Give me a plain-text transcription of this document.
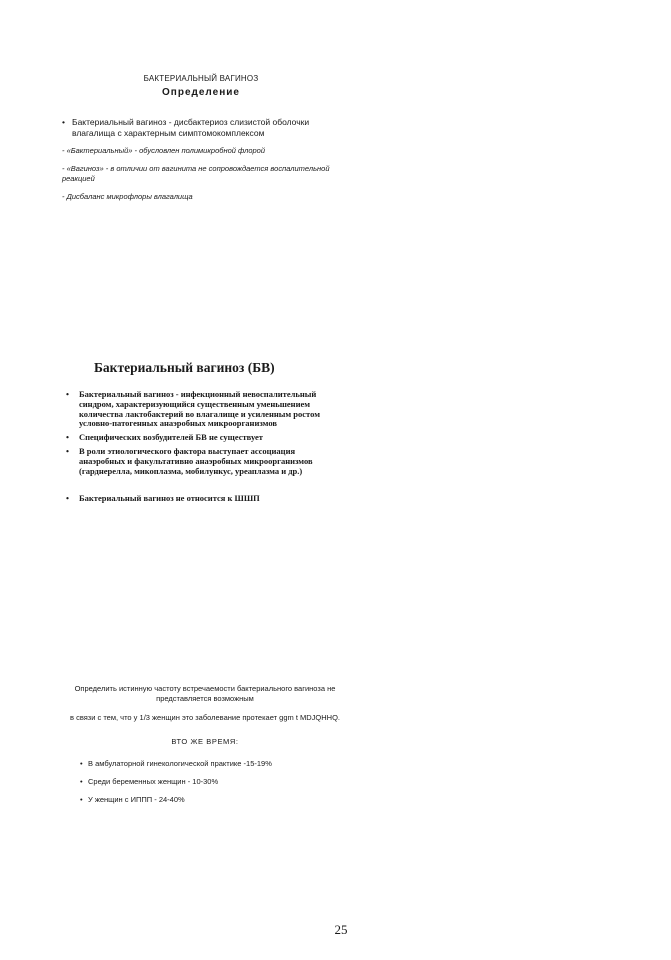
БАКТЕРИАЛЬНЫЙ ВАГИНОЗ
Определение
• Бактериальный вагиноз - дисбактериоз слизистой оболочки влагалища с характерным симптомокомплексом
- «Бактериальный» - обусловлен полимикробной флорой
- «Вагиноз» - в отличии от вагинита не сопровождается воспалительной реакцией
- Дисбаланс микрофлоры влагалища
Бактериальный вагиноз (БВ)
•	Бактериальный вагиноз - инфекционный невоспалительный синдром, характеризующийся существенным уменьшением количества лактобактерий во влагалище и усиленным ростом условно-патогенных анаэробных микроорганизмов
•	Специфических возбудителей БВ не существует
•	В роли этиологического фактора выступает ассоциация анаэробных и факультативно анаэробных микроорганизмов (гарднерелла, микоплазма, мобилункус, уреаплазма и др.)
•	Бактериальный вагиноз не относится к ШШП
Определить истинную частоту встречаемости бактериального вагиноза не представляется возможным
в связи с тем, что у 1/3 женщин это заболевание протекает ggm t MDJQHHQ.
ВТО ЖЕ ВРЕМЯ:
• В амбулаторной гинекологической практике -15-19%
• Среди беременных женщин - 10-30%
• У женщин с ИППП - 24-40%
25
